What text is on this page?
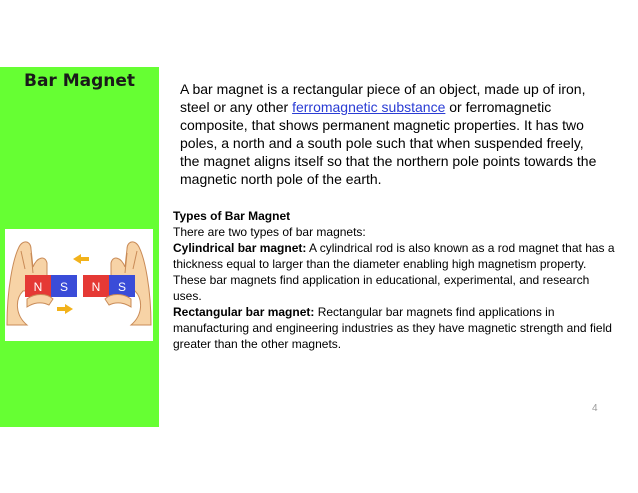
Bar Magnet
N S N S
A bar magnet is a rectangular piece of an object, made up of iron, steel or any other ferromagnetic substance or ferromagnetic composite, that shows permanent magnetic properties. It has two poles, a north and a south pole such that when suspended freely, the magnet aligns itself so that the northern pole points towards the magnetic north pole of the earth.
Types of Bar Magnet
There are two types of bar magnets:
Cylindrical bar magnet: A cylindrical rod is also known as a rod magnet that has a thickness equal to larger than the diameter enabling high magnetism property. These bar magnets find application in educational, experimental, and research uses.
Rectangular bar magnet: Rectangular bar magnets find applications in manufacturing and engineering industries as they have magnetic strength and field greater than the other magnets.
4
